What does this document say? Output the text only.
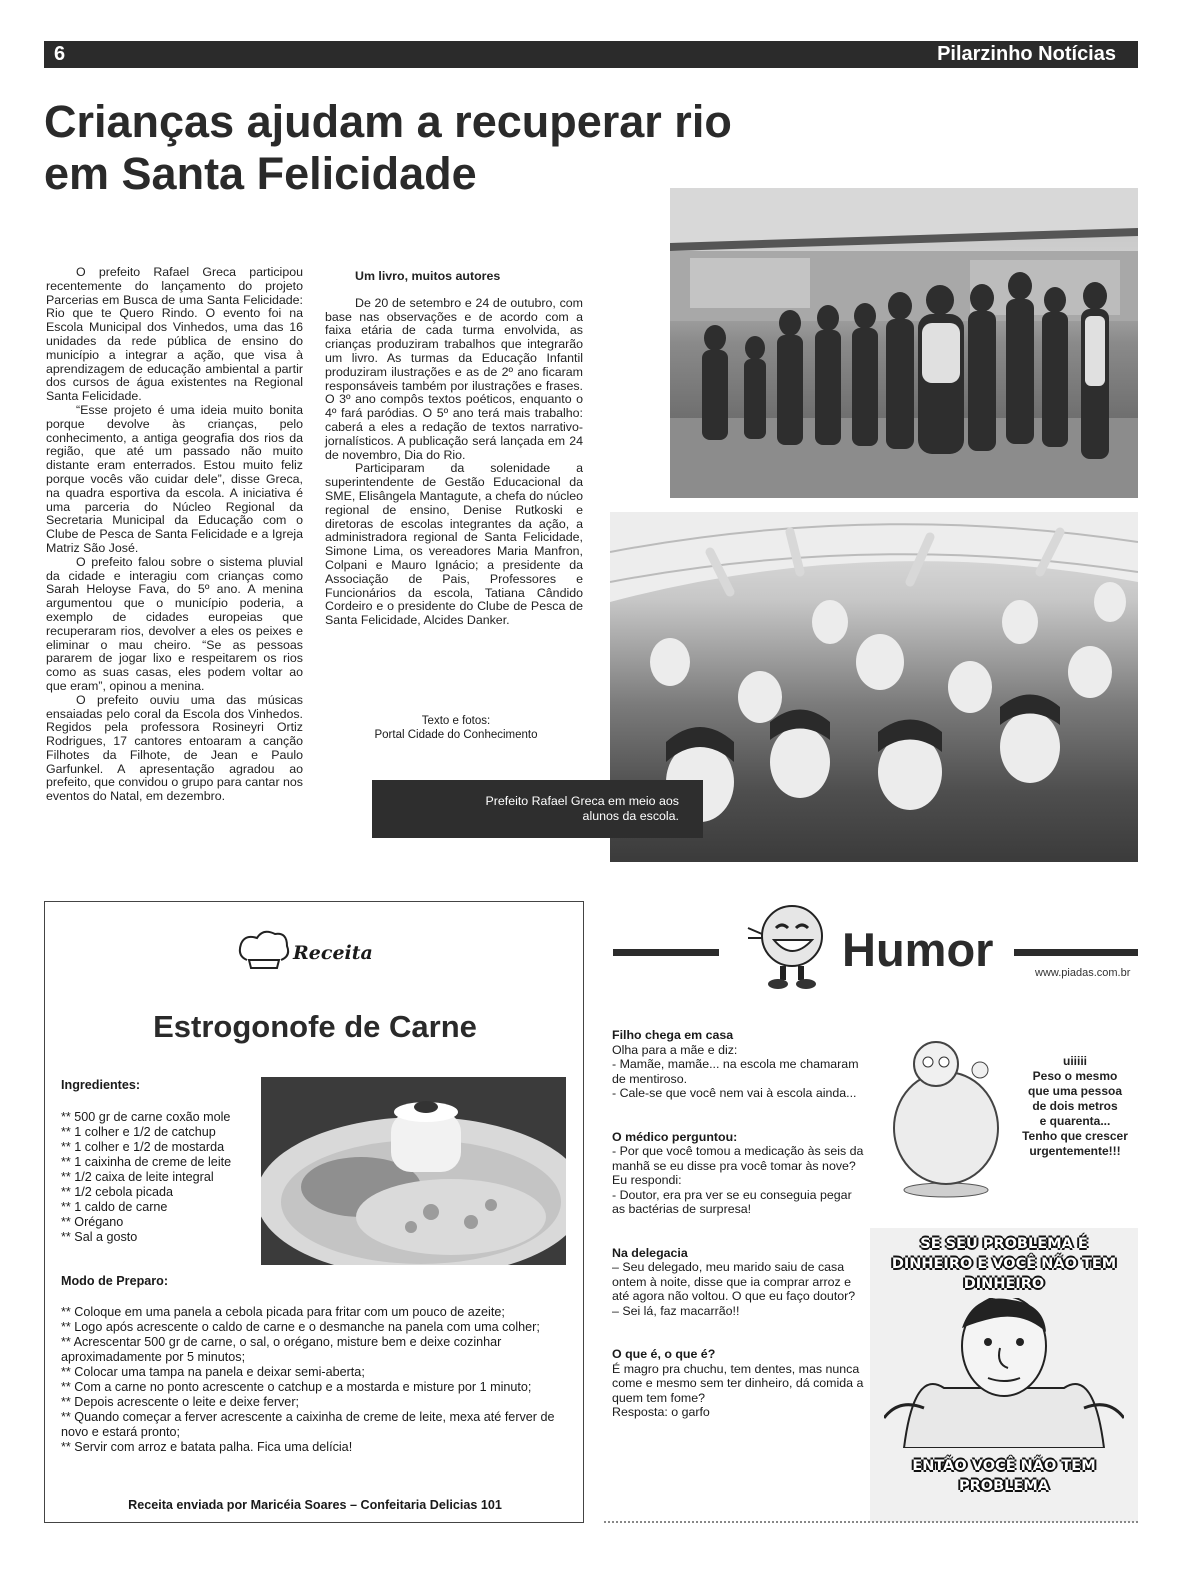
6	Pilarzinho Notícias
Crianças ajudam a recuperar rio
em Santa Felicidade

O prefeito Rafael Greca participou recentemente do lançamento do projeto Parcerias em Busca de uma Santa Felicidade: Rio que te Quero Rindo. O evento foi na Escola Municipal dos Vinhedos, uma das 16 unidades da rede pública de ensino do município a integrar a ação, que visa à aprendizagem de educação ambiental a partir dos cursos de água existentes na Regional Santa Felicidade.

“Esse projeto é uma ideia muito bonita porque devolve às crianças, pelo conhecimento, a antiga geografia dos rios da região, que até um passado não muito distante eram enterrados. Estou muito feliz porque vocês vão cuidar dele”, disse Greca, na quadra esportiva da escola. A iniciativa é uma parceria do Núcleo Regional da Secretaria Municipal da Educação com o Clube de Pesca de Santa Felicidade e a Igreja Matriz São José.

O prefeito falou sobre o sistema pluvial da cidade e interagiu com crianças como Sarah Heloyse Fava, do 5º ano. A menina argumentou que o município poderia, a exemplo de cidades europeias que recuperaram rios, devolver a eles os peixes e eliminar o mau cheiro. “Se as pessoas pararem de jogar lixo e respeitarem os rios como as suas casas, eles podem voltar ao que eram”, opinou a menina.

O prefeito ouviu uma das músicas ensaiadas pelo coral da Escola dos Vinhedos. Regidos pela professora Rosineyri Ortiz Rodrigues, 17 cantores entoaram a canção Filhotes da Filhote, de Jean e Paulo Garfunkel. A apresentação agradou ao prefeito, que convidou o grupo para cantar nos eventos do Natal, em dezembro.

Um livro, muitos autores

De 20 de setembro e 24 de outubro, com base nas observações e de acordo com a faixa etária de cada turma envolvida, as crianças produziram trabalhos que integrarão um livro. As turmas da Educação Infantil produziram ilustrações e as de 2º ano ficaram responsáveis também por ilustrações e frases. O 3º ano compôs textos poéticos, enquanto o 4º fará paródias. O 5º ano terá mais trabalho: caberá a eles a redação de textos narrativo-jornalísticos. A publicação será lançada em 24 de novembro, Dia do Rio.

Participaram da solenidade a superintendente de Gestão Educacional da SME, Elisângela Mantagute, a chefa do núcleo regional de ensino, Denise Rutkoski e diretoras de escolas integrantes da ação, a administradora regional de Santa Felicidade, Simone Lima, os vereadores Maria Manfron, Colpani e Mauro Ignácio; a presidente da Associação de Pais, Professores e Funcionários da escola, Tatiana Cândido Cordeiro e o presidente do Clube de Pesca de Santa Felicidade, Alcides Danker.

Texto e fotos:
Portal Cidade do Conhecimento
Prefeito Rafael Greca em meio aos
alunos da escola.
Receita
Estrogonofe de Carne
Ingredientes:
** 500 gr de carne coxão mole
** 1 colher e 1/2 de catchup
** 1 colher e 1/2 de mostarda
** 1 caixinha de creme de leite
** 1/2 caixa de leite integral
** 1/2 cebola picada
** 1 caldo de carne
** Orégano
** Sal a gosto
Modo de Preparo:
** Coloque em uma panela a cebola picada para fritar com um pouco de azeite;
** Logo após acrescente o caldo de carne e o desmanche na panela com uma colher;
** Acrescentar 500 gr de carne, o sal, o orégano, misture bem e deixe cozinhar aproximadamente por 5 minutos;
** Colocar uma tampa na panela e deixar semi-aberta;
** Com a carne no ponto acrescente o catchup e a mostarda e misture por 1 minuto;
** Depois acrescente o leite e deixe ferver;
** Quando começar a ferver acrescente a caixinha de creme de leite, mexa até ferver de novo e estará pronto;
** Servir com arroz e batata palha. Fica uma delícia!
Receita enviada por Maricéia Soares – Confeitaria Delicias 101
Humor	www.piadas.com.br
Filho chega em casa

Olha para a mãe e diz:

- Mamãe, mamãe... na escola me chamaram de mentiroso.

- Cale-se que você nem vai à escola ainda...

O médico perguntou:

- Por que você tomou a medicação às seis da manhã se eu disse pra você tomar às nove?

Eu respondi:

- Doutor, era pra ver se eu conseguia pegar as bactérias de surpresa!

Na delegacia

– Seu delegado, meu marido saiu de casa ontem à noite, disse que ia comprar arroz e até agora não voltou. O que eu faço doutor?

– Sei lá, faz macarrão!!

O que é, o que é?

É magro pra chuchu, tem dentes, mas nunca come e mesmo sem ter dinheiro, dá comida a quem tem fome?

Resposta: o garfo

uiiiii
Peso o mesmo
que uma pessoa
de dois metros
e quarenta...
Tenho que crescer
urgentemente!!!
SE SEU PROBLEMA É
DINHEIRO E VOCÊ NÃO TEM
DINHEIRO
ENTÃO VOCÊ NÃO TEM
PROBLEMA
